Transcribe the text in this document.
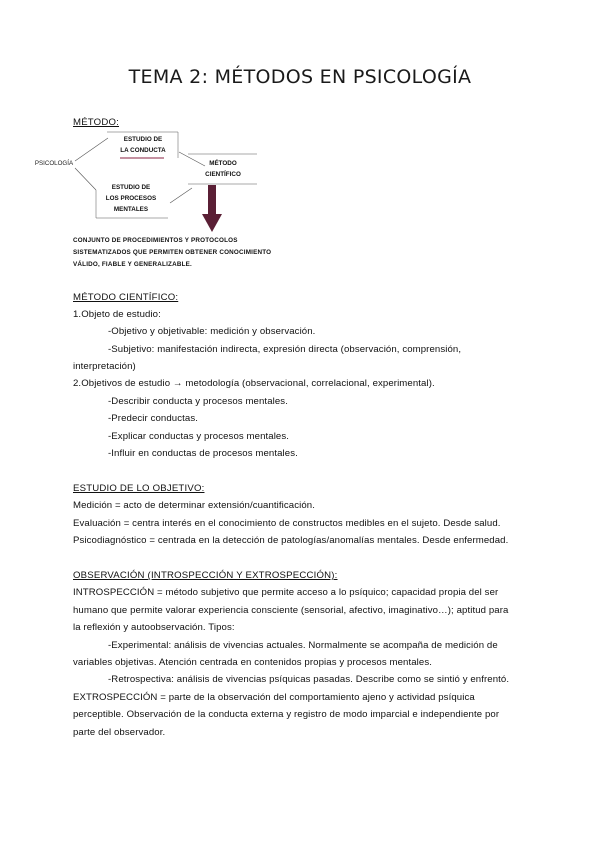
TEMA 2: MÉTODOS EN PSICOLOGÍA
MÉTODO:
PSICOLOGÍA
ESTUDIO DE
LA CONDUCTA
ESTUDIO DE
LOS PROCESOS
MENTALES
MÉTODO
CIENTÍFICO
CONJUNTO DE PROCEDIMIENTOS Y PROTOCOLOS
SISTEMATIZADOS QUE PERMITEN OBTENER CONOCIMIENTO
VÁLIDO, FIABLE Y GENERALIZABLE.
MÉTODO CIENTÍFICO:
1.Objeto de estudio:
-Objetivo y objetivable: medición y observación.
-Subjetivo: manifestación indirecta, expresión directa (observación, comprensión,
interpretación)
2.Objetivos de estudio → metodología (observacional, correlacional, experimental).
-Describir conducta y procesos mentales.
-Predecir conductas.
-Explicar conductas y procesos mentales.
-Influir en conductas de procesos mentales.
ESTUDIO DE LO OBJETIVO:
Medición = acto de determinar extensión/cuantificación.
Evaluación = centra interés en el conocimiento de constructos medibles en el sujeto. Desde salud.
Psicodiagnóstico = centrada en la detección de patologías/anomalías mentales. Desde enfermedad.
OBSERVACIÓN (INTROSPECCIÓN Y EXTROSPECCIÓN):
INTROSPECCIÓN = método subjetivo que permite acceso a lo psíquico; capacidad propia del ser
humano que permite valorar experiencia consciente (sensorial, afectivo, imaginativo…); aptitud para
la reflexión y autoobservación. Tipos:
-Experimental: análisis de vivencias actuales. Normalmente se acompaña de medición de
variables objetivas. Atención centrada en contenidos propias y procesos mentales.
-Retrospectiva: análisis de vivencias psíquicas pasadas. Describe como se sintió y enfrentó.
EXTROSPECCIÓN = parte de la observación del comportamiento ajeno y actividad psíquica
perceptible. Observación de la conducta externa y registro de modo imparcial e independiente por
parte del observador.
